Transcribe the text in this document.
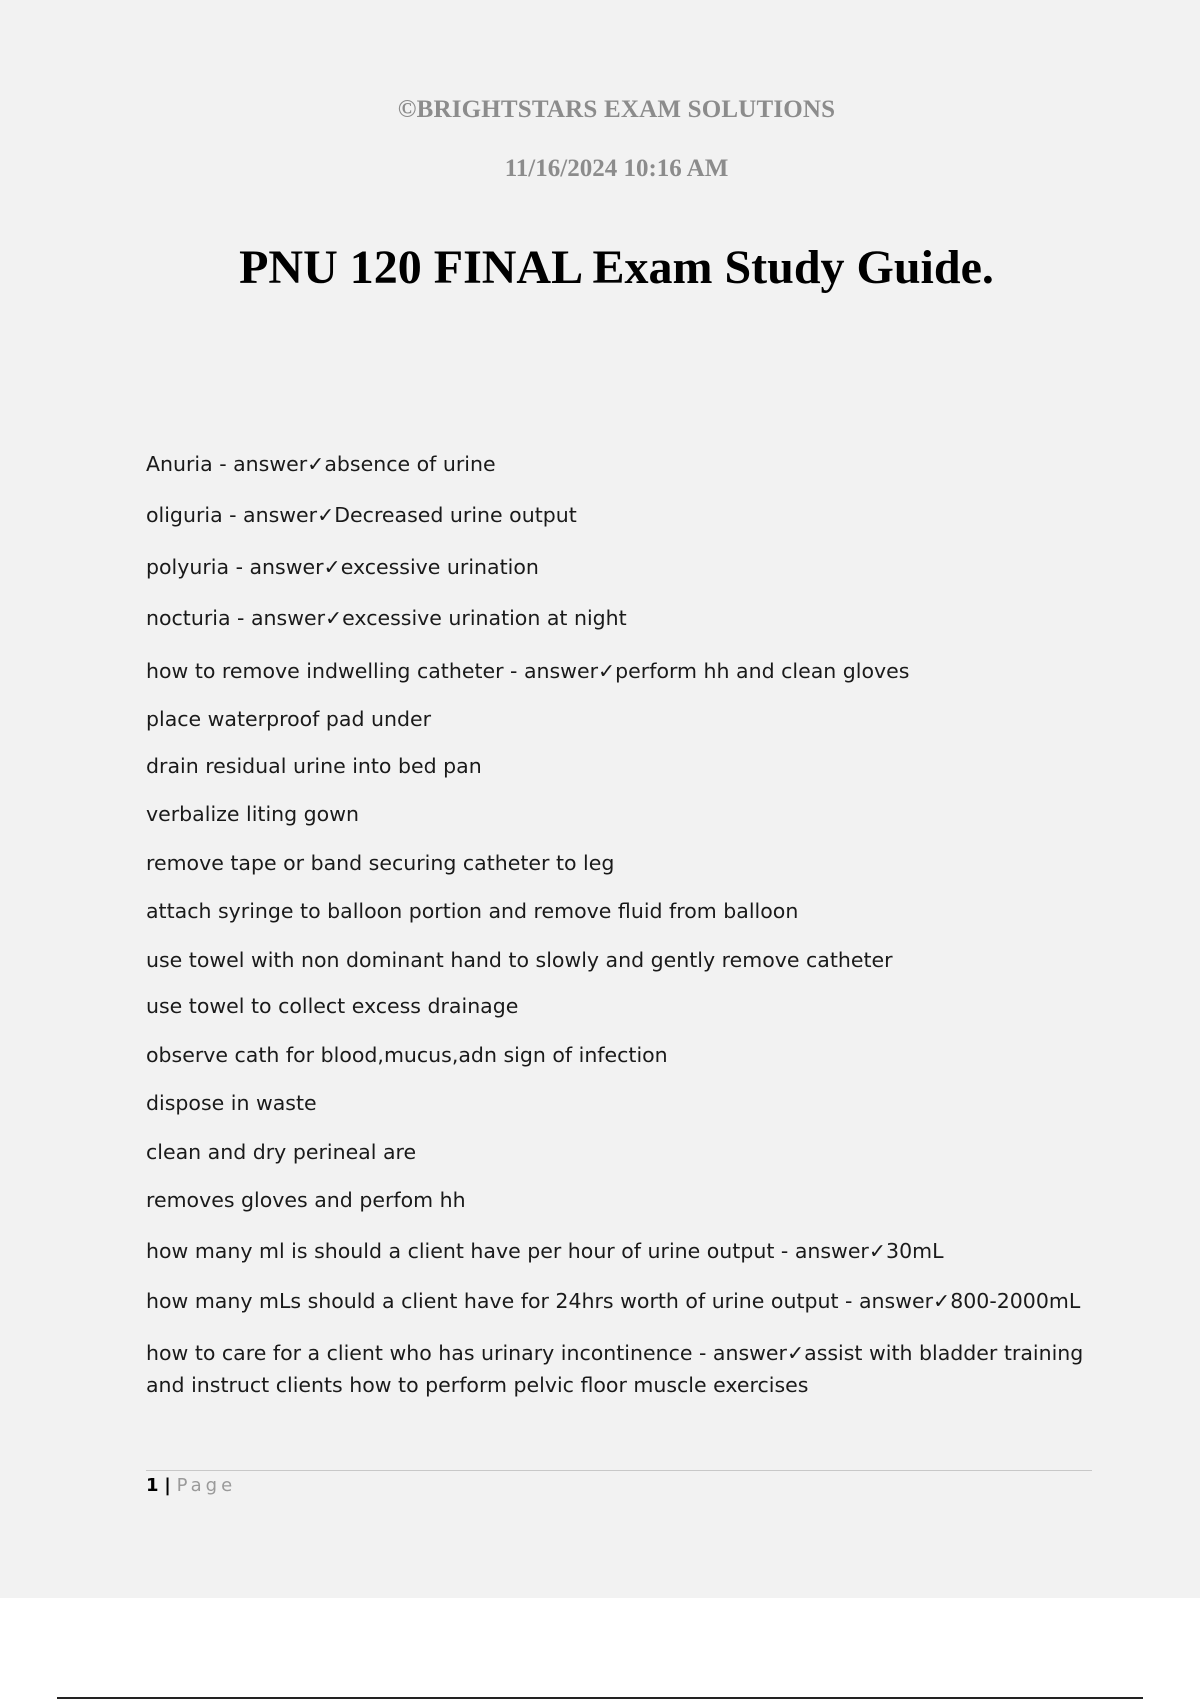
©BRIGHTSTARS EXAM SOLUTIONS
11/16/2024 10:16 AM
PNU 120 FINAL Exam Study Guide.
Anuria - answer✓absence of urine
oliguria - answer✓Decreased urine output
polyuria - answer✓excessive urination
nocturia - answer✓excessive urination at night
how to remove indwelling catheter - answer✓perform hh and clean gloves
place waterproof pad under
drain residual urine into bed pan
verbalize liting gown
remove tape or band securing catheter to leg
attach syringe to balloon portion and remove fluid from balloon
use towel with non dominant hand to slowly and gently remove catheter
use towel to collect excess drainage
observe cath for blood,mucus,adn sign of infection
dispose in waste
clean and dry perineal are
removes gloves and perfom hh
how many ml is should a client have per hour of urine output - answer✓30mL
how many mLs should a client have for 24hrs worth of urine output - answer✓800-2000mL
how to care for a client who has urinary incontinence - answer✓assist with bladder training and instruct clients how to perform pelvic floor muscle exercises
1 | Page
